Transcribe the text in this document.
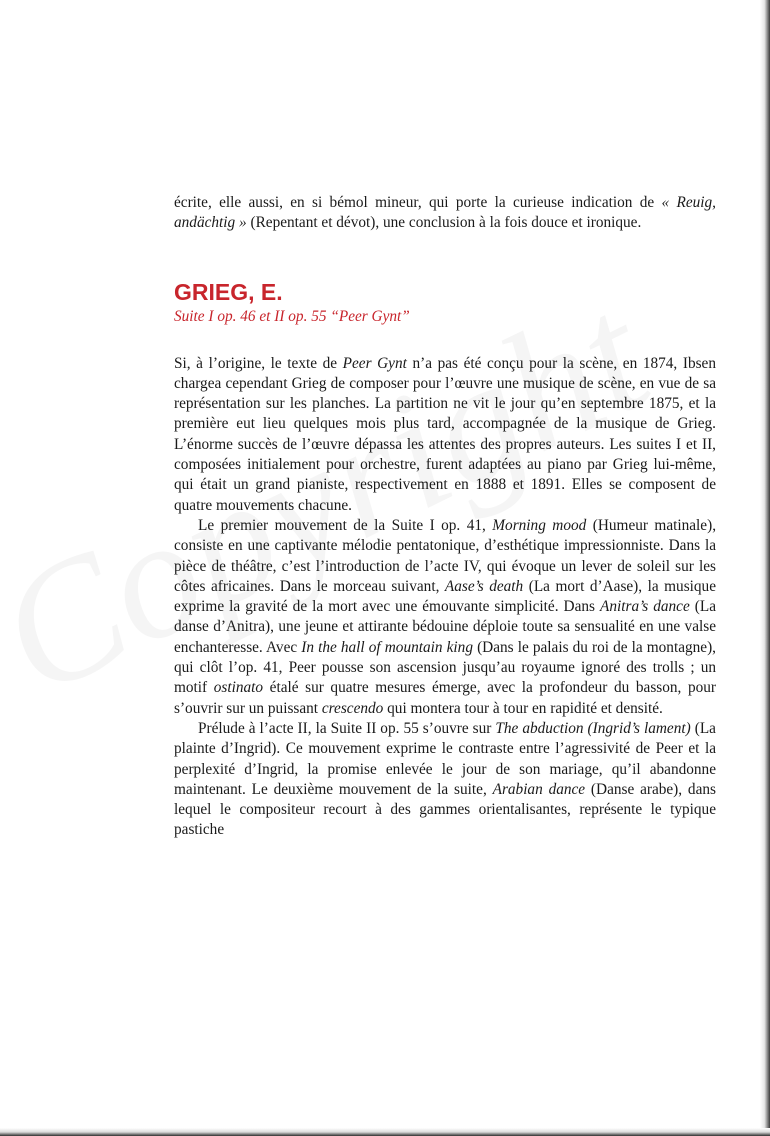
écrite, elle aussi, en si bémol mineur, qui porte la curieuse indication de « Reuig, andächtig » (Repentant et dévot), une conclusion à la fois douce et ironique.

GRIEG, E.
Suite I op. 46 et II op. 55 “Peer Gynt”

Si, à l’origine, le texte de Peer Gynt n’a pas été conçu pour la scène, en 1874, Ibsen chargea cependant Grieg de composer pour l’œuvre une musique de scène, en vue de sa représentation sur les planches. La partition ne vit le jour qu’en septembre 1875, et la première eut lieu quelques mois plus tard, accompagnée de la musique de Grieg. L’énorme succès de l’œuvre dépassa les attentes des propres auteurs. Les suites I et II, composées initialement pour orchestre, furent adaptées au piano par Grieg lui-même, qui était un grand pianiste, respectivement en 1888 et 1891. Elles se composent de quatre mouvements chacune.

Le premier mouvement de la Suite I op. 41, Morning mood (Humeur matinale), consiste en une captivante mélodie pentatonique, d’esthétique impressionniste. Dans la pièce de théâtre, c’est l’introduction de l’acte IV, qui évoque un lever de soleil sur les côtes africaines. Dans le morceau suivant, Aase’s death (La mort d’Aase), la musique exprime la gravité de la mort avec une émouvante simplicité. Dans Anitra’s dance (La danse d’Anitra), une jeune et attirante bédouine déploie toute sa sensualité en une valse enchanteresse. Avec In the hall of mountain king (Dans le palais du roi de la montagne), qui clôt l’op. 41, Peer pousse son ascension jusqu’au royaume ignoré des trolls ; un motif ostinato étalé sur quatre mesures émerge, avec la profondeur du basson, pour s’ouvrir sur un puissant crescendo qui montera tour à tour en rapidité et densité.

Prélude à l’acte II, la Suite II op. 55 s’ouvre sur The abduction (Ingrid’s lament) (La plainte d’Ingrid). Ce mouvement exprime le contraste entre l’agressivité de Peer et la perplexité d’Ingrid, la promise enlevée le jour de son mariage, qu’il abandonne maintenant. Le deuxième mouvement de la suite, Arabian dance (Danse arabe), dans lequel le compositeur recourt à des gammes orientalisantes, représente le typique pastiche
